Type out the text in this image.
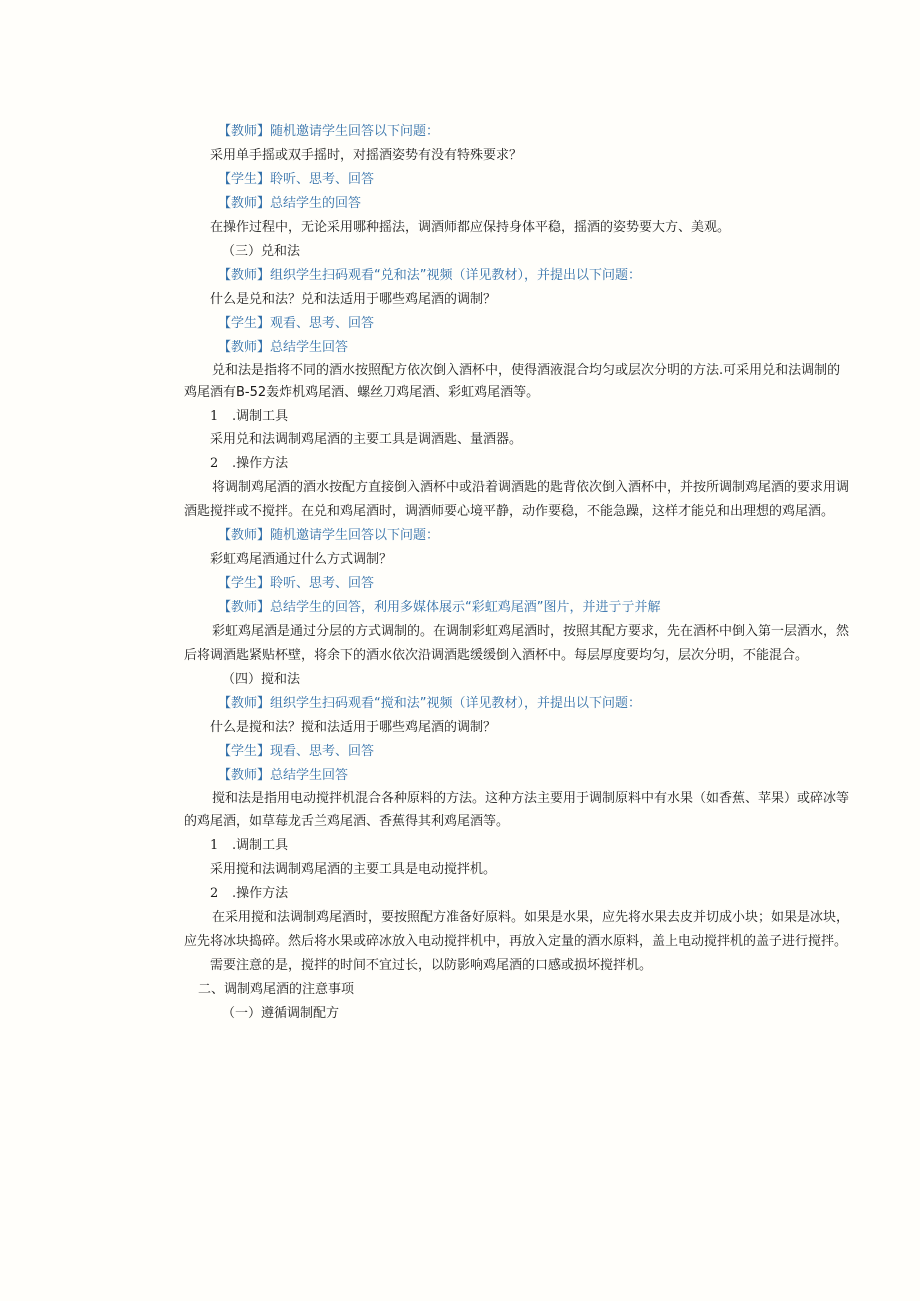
【教师】随机邀请学生回答以下问题：
采用单手摇或双手摇时，对摇酒姿势有没有特殊要求？
【学生】聆听、思考、回答
【教师】总结学生的回答
在操作过程中，无论采用哪种摇法，调酒师都应保持身体平稳，摇酒的姿势要大方、美观。
（三）兑和法
【教师】组织学生扫码观看“兑和法”视频（详见教材），并提出以下问题：
什么是兑和法？兑和法适用于哪些鸡尾酒的调制？
【学生】观看、思考、回答
【教师】总结学生回答
兑和法是指将不同的酒水按照配方依次倒入酒杯中，使得酒液混合均匀或层次分明的方法.可采用兑和法调制的
鸡尾酒有B-52轰炸机鸡尾酒、螺丝刀鸡尾酒、彩虹鸡尾酒等。
1 .调制工具
采用兑和法调制鸡尾酒的主要工具是调酒匙、量酒器。
2 .操作方法
将调制鸡尾酒的酒水按配方直接倒入酒杯中或沿着调酒匙的匙背依次倒入酒杯中，并按所调制鸡尾酒的要求用调
酒匙搅拌或不搅拌。在兑和鸡尾酒时，调酒师要心境平静，动作要稳，不能急躁，这样才能兑和出理想的鸡尾酒。
【教师】随机邀请学生回答以下问题：
彩虹鸡尾酒通过什么方式调制？
【学生】聆听、思考、回答
【教师】总结学生的回答，利用多媒体展示“彩虹鸡尾酒”图片，并进亍亍并解
彩虹鸡尾酒是通过分层的方式调制的。在调制彩虹鸡尾酒时，按照其配方要求，先在酒杯中倒入第一层酒水，然
后将调酒匙紧贴杯壁，将余下的酒水依次沿调酒匙缓缓倒入酒杯中。每层厚度要均匀，层次分明，不能混合。
（四）搅和法
【教师】组织学生扫码观看“搅和法”视频（详见教材），并提出以下问题：
什么是搅和法？搅和法适用于哪些鸡尾酒的调制？
【学生】现看、思考、回答
【教师】总结学生回答
搅和法是指用电动搅拌机混合各种原料的方法。这种方法主要用于调制原料中有水果（如香蕉、苹果）或碎冰等
的鸡尾酒，如草莓龙舌兰鸡尾酒、香蕉得其利鸡尾酒等。
1 .调制工具
采用搅和法调制鸡尾酒的主要工具是电动搅拌机。
2 .操作方法
在采用搅和法调制鸡尾酒时，要按照配方准备好原料。如果是水果，应先将水果去皮并切成小块；如果是冰块，
应先将冰块捣碎。然后将水果或碎冰放入电动搅拌机中，再放入定量的酒水原料，盖上电动搅拌机的盖子进行搅拌。
需要注意的是，搅拌的时间不宜过长，以防影响鸡尾酒的口感或损坏搅拌机。
二、调制鸡尾酒的注意事项
（一）遵循调制配方
